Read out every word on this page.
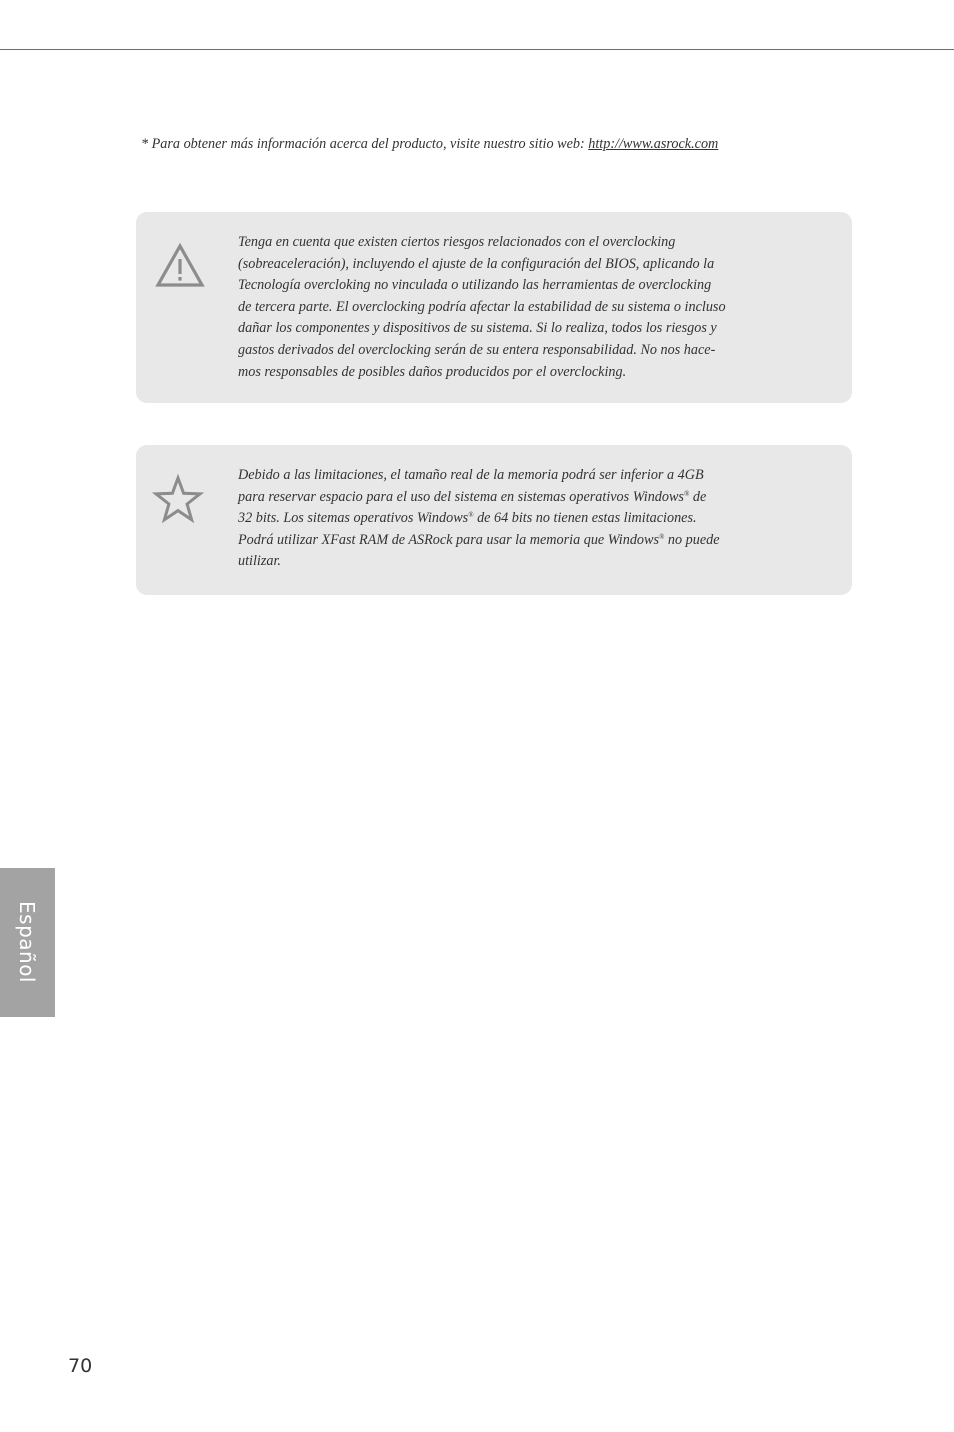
* Para obtener más información acerca del producto, visite nuestro sitio web: http://www.asrock.com

Tenga en cuenta que existen ciertos riesgos relacionados con el overclocking
(sobreaceleración), incluyendo el ajuste de la configuración del BIOS, aplicando la
Tecnología overcloking no vinculada o utilizando las herramientas de overclocking
de tercera parte. El overclocking podría afectar la estabilidad de su sistema o incluso
dañar los componentes y dispositivos de su sistema. Si lo realiza, todos los riesgos y
gastos derivados del overclocking serán de su entera responsabilidad. No nos hace-
mos responsables de posibles daños producidos por el overclocking.

Debido a las limitaciones, el tamaño real de la memoria podrá ser inferior a 4GB
para reservar espacio para el uso del sistema en sistemas operativos Windows® de
32 bits. Los sitemas operativos Windows® de 64 bits no tienen estas limitaciones.
Podrá utilizar XFast RAM de ASRock para usar la memoria que Windows® no puede
utilizar.

Español
70
